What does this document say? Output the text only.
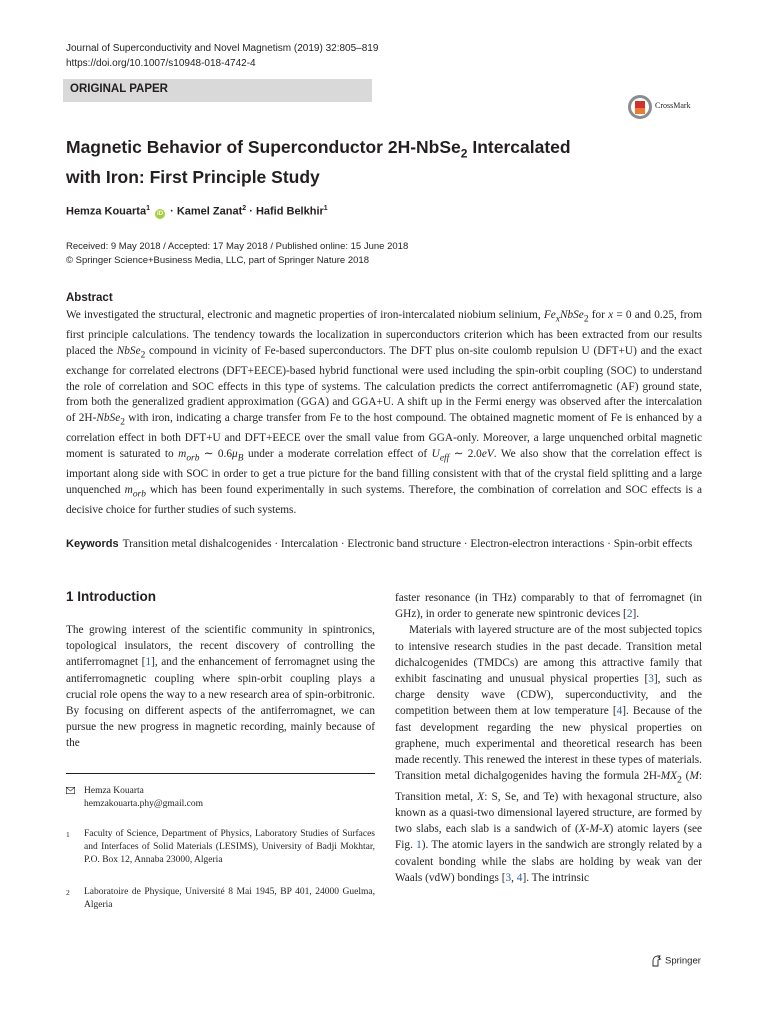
Journal of Superconductivity and Novel Magnetism (2019) 32:805–819
https://doi.org/10.1007/s10948-018-4742-4
ORIGINAL PAPER
CrossMark
Magnetic Behavior of Superconductor 2H-NbSe$_2$ Intercalated
with Iron: First Principle Study
Hemza Kouarta$^1$ iD · Kamel Zanat$^2$ · Hafid Belkhir$^1$
Received: 9 May 2018 / Accepted: 17 May 2018 / Published online: 15 June 2018
© Springer Science+Business Media, LLC, part of Springer Nature 2018
Abstract

We investigated the structural, electronic and magnetic properties of iron-intercalated niobium selinium, $Fe_xNbSe_2$ for x = 0 and 0.25, from first principle calculations. The tendency towards the localization in superconductors criterion which has been extracted from our results placed the NbSe$_2$ compound in vicinity of Fe-based superconductors. The DFT plus on-site coulomb repulsion U (DFT+U) and the exact exchange for correlated electrons (DFT+EECE)-based hybrid functional were used including the spin-orbit coupling (SOC) to understand the role of correlation and SOC effects in this type of systems. The calculation predicts the correct antiferromagnetic (AF) ground state, from both the generalized gradient approximation (GGA) and GGA+U. A shift up in the Fermi energy was observed after the intercalation of 2H-NbSe$_2$ with iron, indicating a charge transfer from Fe to the host compound. The obtained magnetic moment of Fe is enhanced by a correlation effect in both DFT+U and DFT+EECE over the small value from GGA-only. Moreover, a large unquenched orbital magnetic moment is saturated to $m_{orb}$ ∼ $0.6\mu_B$ under a moderate correlation effect of $U_{eff}$ ∼ 2.0eV. We also show that the correlation effect is important along side with SOC in order to get a true picture for the band filling consistent with that of the crystal field splitting and a large unquenched $m_{orb}$ which has been found experimentally in such systems. Therefore, the combination of correlation and SOC effects is a decisive choice for further studies of such systems.

Keywords Transition metal dishalcogenides · Intercalation · Electronic band structure · Electron-electron interactions · Spin-orbit effects
1 Introduction

The growing interest of the scientific community in spintronics, topological insulators, the recent discovery of controlling the antiferromagnet [1], and the enhancement of ferromagnet using the antiferromagnetic coupling where spin-orbit coupling plays a crucial role opens the way to a new research area of spin-orbitronic. By focusing on different aspects of the antiferromagnet, we can pursue the new progress in magnetic recording, mainly because of the

faster resonance (in THz) comparably to that of ferromagnet (in GHz), in order to generate new spintronic devices [2].

Materials with layered structure are of the most subjected topics to intensive research studies in the past decade. Transition metal dichalcogenides (TMDCs) are among this attractive family that exhibit fascinating and unusual physical properties [3], such as charge density wave (CDW), superconductivity, and the competition between them at low temperature [4]. Because of the fast development regarding the new physical properties on graphene, much experimental and theoretical research has been made recently. This renewed the interest in these types of materials. Transition metal dichalgogenides having the formula $2H-MX_2$ (M: Transition metal, X: S, Se, and Te) with hexagonal structure, also known as a quasi-two dimensional layered structure, are formed by two slabs, each slab is a sandwich of (X-M-X) atomic layers (see Fig. 1). The atomic layers in the sandwich are strongly related by a covalent bonding while the slabs are holding by weak van der Waals (vdW) bondings [3, 4]. The intrinsic

Hemza Kouarta
hemzakouarta.phy@gmail.com
1 Faculty of Science, Department of Physics, Laboratory Studies of Surfaces and Interfaces of Solid Materials (LESIMS), University of Badji Mokhtar, P.O. Box 12, Annaba 23000, Algeria
2 Laboratoire de Physique, Université 8 Mai 1945, BP 401, 24000 Guelma, Algeria
Springer
